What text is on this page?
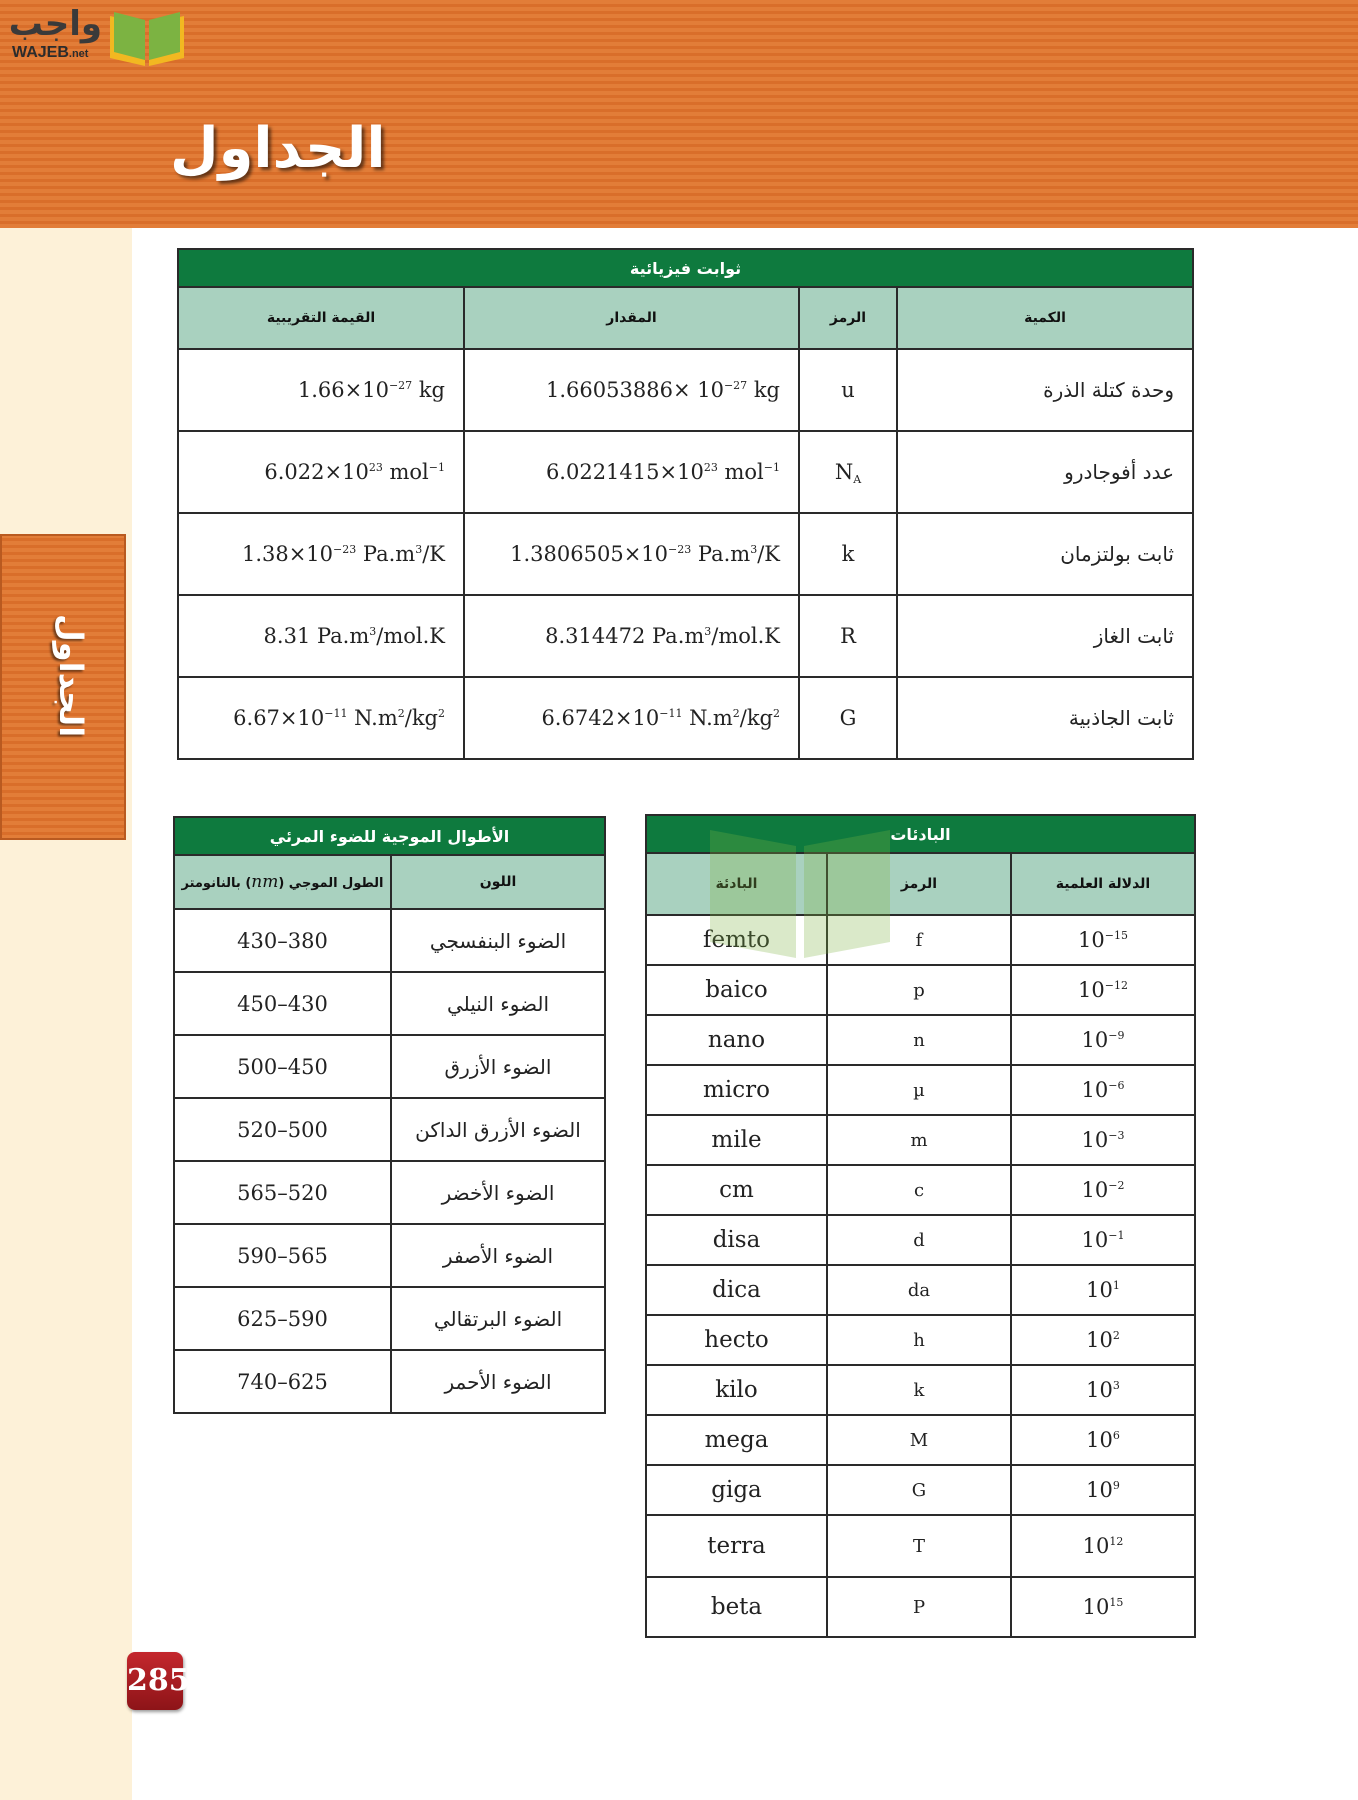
واجب
WAJEB.net
الجداول
الجداول
ثوابت فيزيائية			
الكمية	الرمز	المقدار	القيمة التقريبية
وحدة كتلة الذرة	u	$1.66053886\times 10^{-27}$ kg	$1.66\times 10^{-27}$ kg
عدد أفوجادرو	$N_A$	$6.0221415\times 10^{23}$ mol$^{-1}$	$6.022\times 10^{23}$ mol$^{-1}$
ثابت بولتزمان	k	$1.3806505\times 10^{-23}$ $Pa.m^3/K$	$1.38\times 10^{-23}$ $Pa.m^3/K$
ثابت الغاز	R	8.314472 $Pa.m^3/mol.K$	8.31 $Pa.m^3/mol.K$
ثابت الجاذبية	G	$6.6742\times 10^{-11}$ $N.m^2/kg^2$	$6.67\times 10^{-11}$ $N.m^2/kg^2$
الأطوال الموجية للضوء المرئي	
اللون	الطول الموجي (nm) بالنانومتر
الضوء البنفسجي	430–380
الضوء النيلي	450–430
الضوء الأزرق	500–450
الضوء الأزرق الداكن	520–500
الضوء الأخضر	565–520
الضوء الأصفر	590–565
الضوء البرتقالي	625–590
الضوء الأحمر	740–625
البادئات		
الدلالة العلمية	الرمز	البادئة
$10^{-15}$	f	femto
$10^{-12}$	p	baico
$10^{-9}$	n	nano
$10^{-6}$	µ	micro
$10^{-3}$	m	mile
$10^{-2}$	c	cm
$10^{-1}$	d	disa
$10^1$	da	dica
$10^2$	h	hecto
$10^3$	k	kilo
$10^6$	M	mega
$10^9$	G	giga
$10^{12}$	T	terra
$10^{15}$	P	beta
285
